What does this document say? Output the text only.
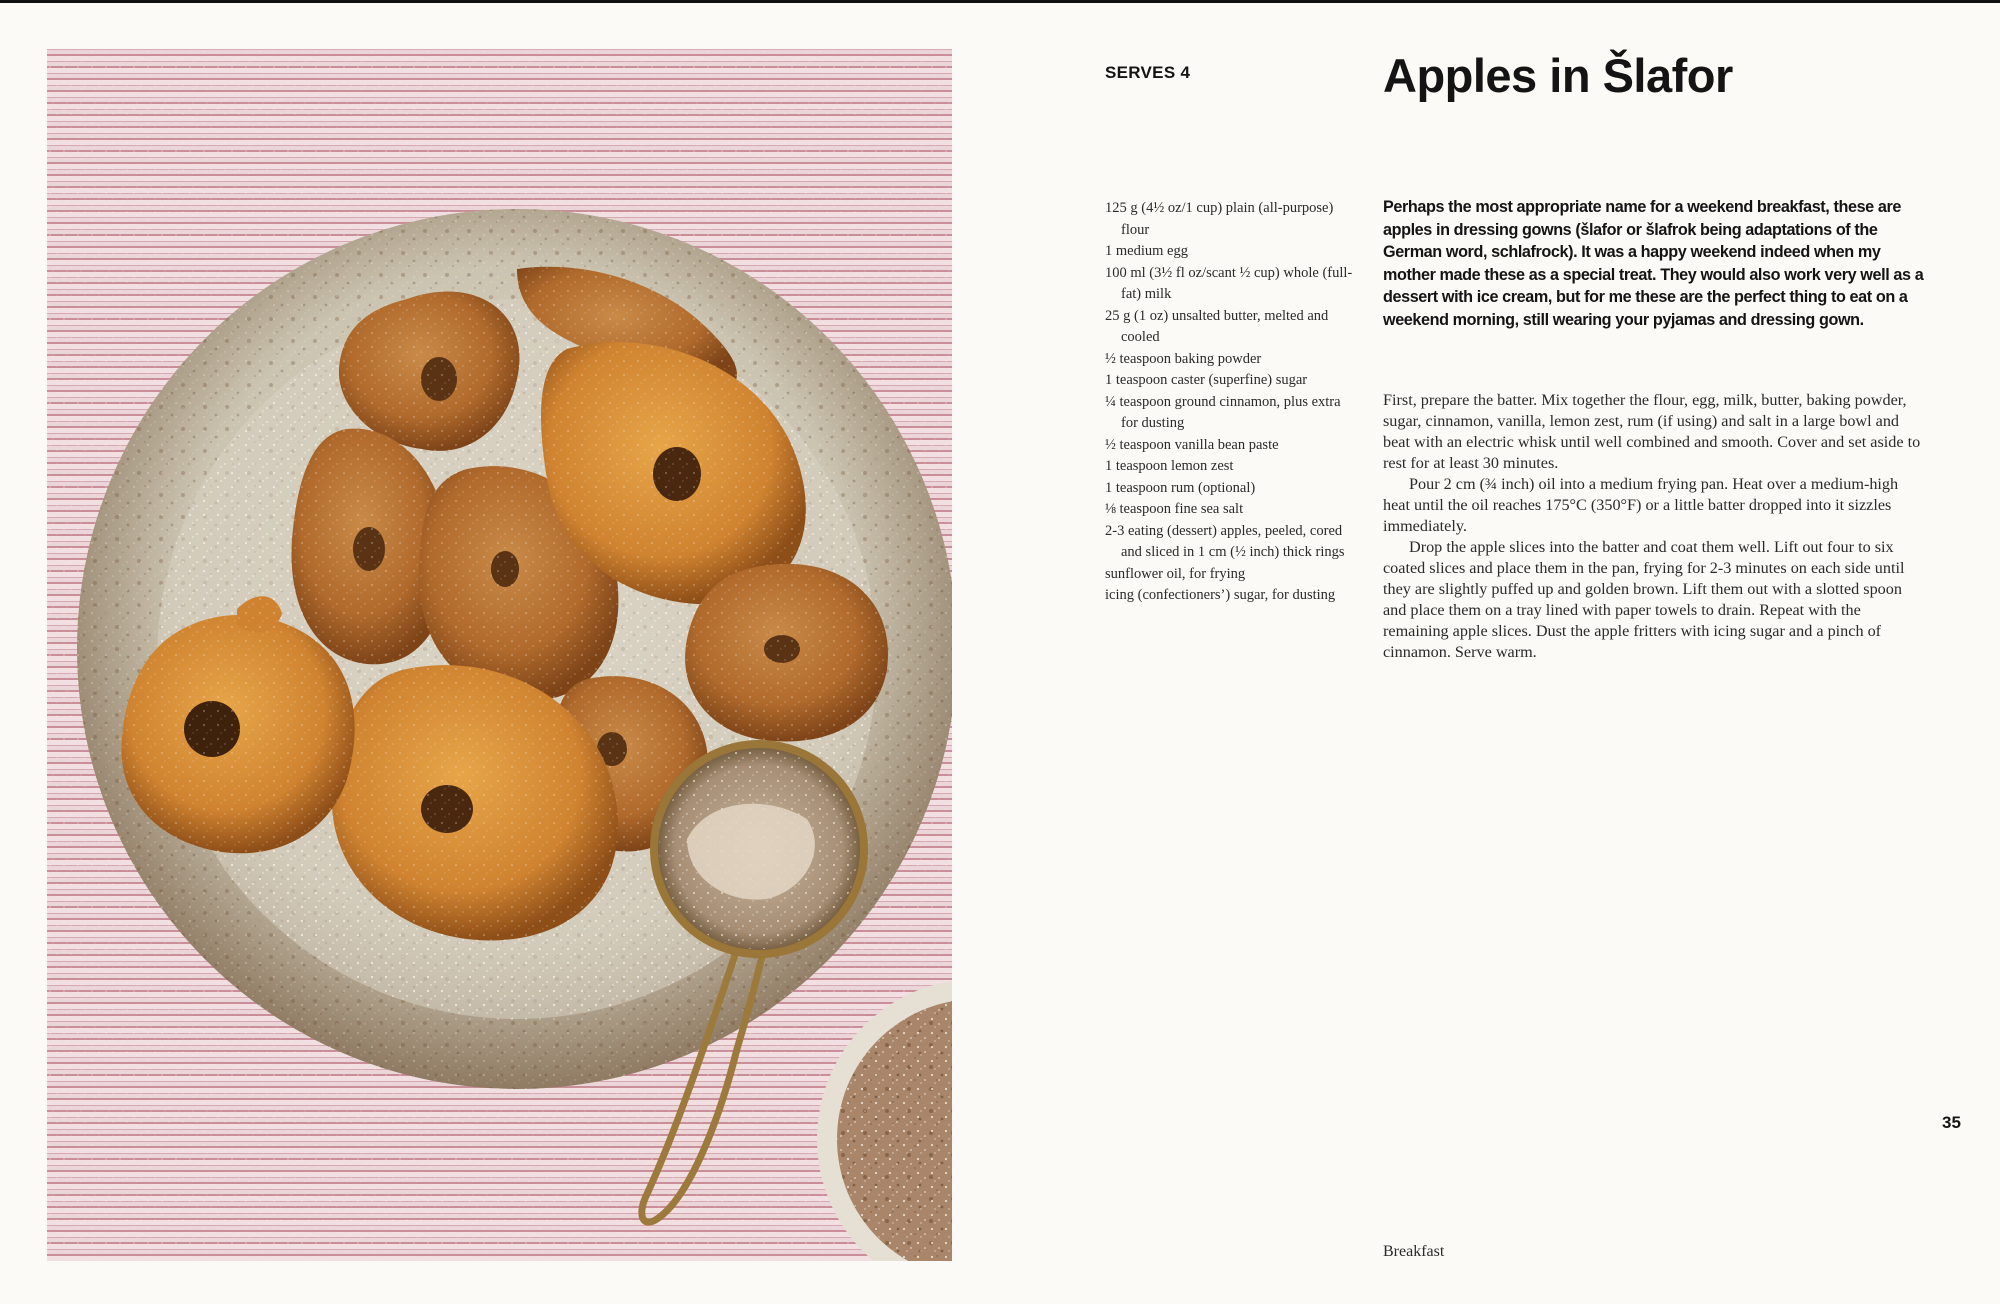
SERVES 4	Apples in Šlafor
125 g (4½ oz/1 cup) plain (all-purpose) flour
1 medium egg
100 ml (3½ fl oz/scant ½ cup) whole (full-fat) milk
25 g (1 oz) unsalted butter, melted and cooled
½ teaspoon baking powder
1 teaspoon caster (superfine) sugar
¼ teaspoon ground cinnamon, plus extra for dusting
½ teaspoon vanilla bean paste
1 teaspoon lemon zest
1 teaspoon rum (optional)
⅛ teaspoon fine sea salt
2-3 eating (dessert) apples, peeled, cored and sliced in 1 cm (½ inch) thick rings
sunflower oil, for frying
icing (confectioners’) sugar, for dusting

Perhaps the most appropriate name for a weekend breakfast, these are apples in dressing gowns (šlafor or šlafrok being adaptations of the German word, schlafrock). It was a happy weekend indeed when my mother made these as a special treat. They would also work very well as a dessert with ice cream, but for me these are the perfect thing to eat on a weekend morning, still wearing your pyjamas and dressing gown.

First, prepare the batter. Mix together the flour, egg, milk, butter, baking powder, sugar, cinnamon, vanilla, lemon zest, rum (if using) and salt in a large bowl and beat with an electric whisk until well combined and smooth. Cover and set aside to rest for at least 30 minutes.

Pour 2 cm (¾ inch) oil into a medium frying pan. Heat over a medium-high heat until the oil reaches 175°C (350°F) or a little batter dropped into it sizzles immediately.

Drop the apple slices into the batter and coat them well. Lift out four to six coated slices and place them in the pan, frying for 2-3 minutes on each side until they are slightly puffed up and golden brown. Lift them out with a slotted spoon and place them on a tray lined with paper towels to drain. Repeat with the remaining apple slices. Dust the apple fritters with icing sugar and a pinch of cinnamon. Serve warm.

35
Breakfast
